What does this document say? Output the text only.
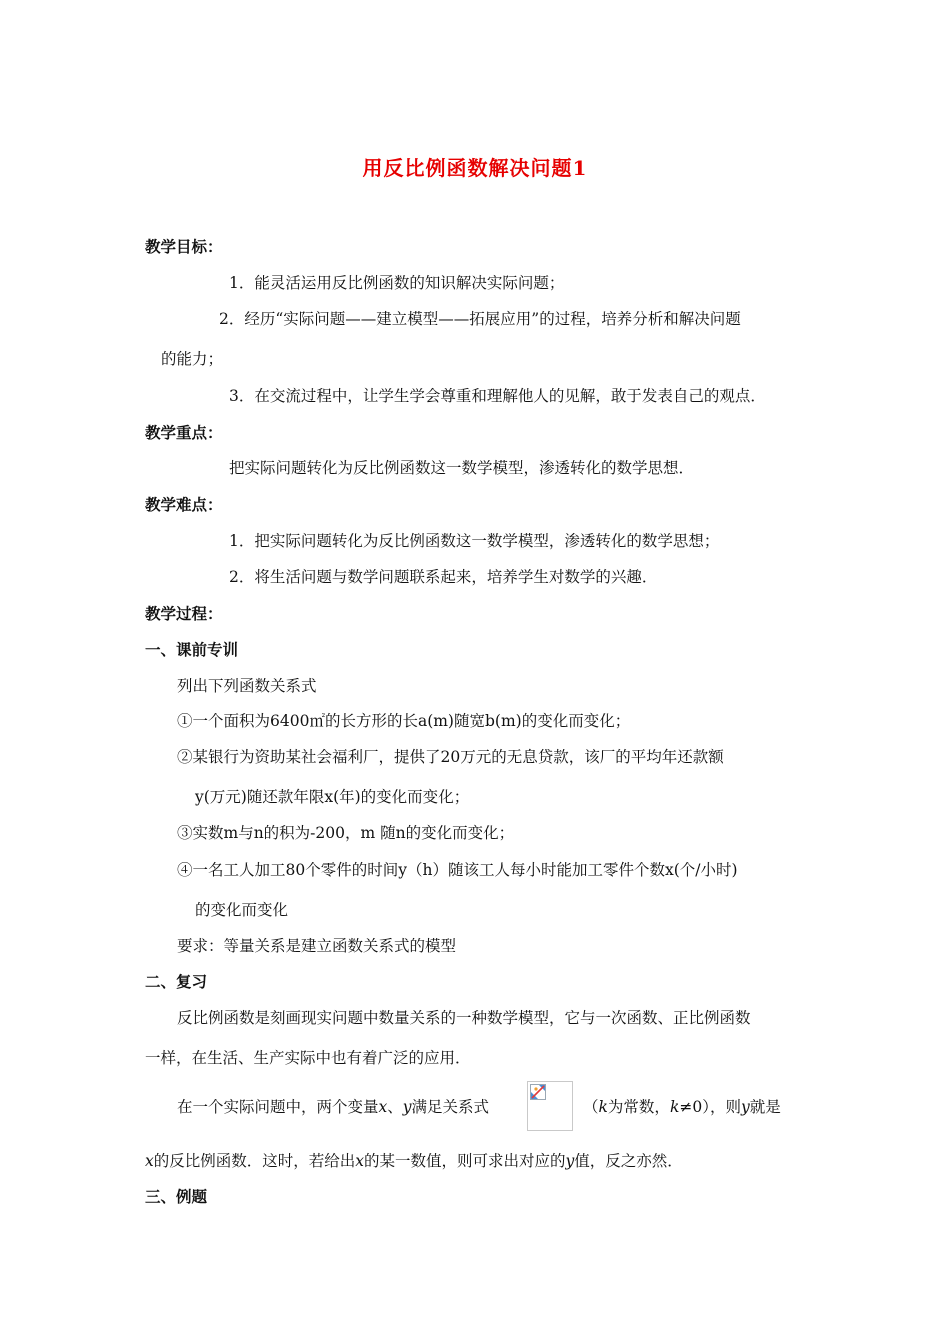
用反比例函数解决问题1
教学目标：
1．能灵活运用反比例函数的知识解决实际问题；
2．经历“实际问题——建立模型——拓展应用”的过程，培养分析和解决问题
的能力；
3．在交流过程中，让学生学会尊重和理解他人的见解，敢于发表自己的观点．
教学重点：
把实际问题转化为反比例函数这一数学模型，渗透转化的数学思想．
教学难点：
1．把实际问题转化为反比例函数这一数学模型，渗透转化的数学思想；
2．将生活问题与数学问题联系起来，培养学生对数学的兴趣．
教学过程：
一、课前专训
列出下列函数关系式
①一个面积为6400㎡的长方形的长a(m)随宽b(m)的变化而变化；
②某银行为资助某社会福利厂，提供了20万元的无息贷款，该厂的平均年还款额
y(万元)随还款年限x(年)的变化而变化；
③实数m与n的积为-200，m 随n的变化而变化；
④一名工人加工80个零件的时间y（h）随该工人每小时能加工零件个数x(个/小时)
的变化而变化
要求：等量关系是建立函数关系式的模型
二、复习
反比例函数是刻画现实问题中数量关系的一种数学模型，它与一次函数、正比例函数
一样，在生活、生产实际中也有着广泛的应用．
在一个实际问题中，两个变量x、y满足关系式	（k为常数，k≠0），则y就是
x的反比例函数．这时，若给出x的某一数值，则可求出对应的y值，反之亦然．
三、例题
